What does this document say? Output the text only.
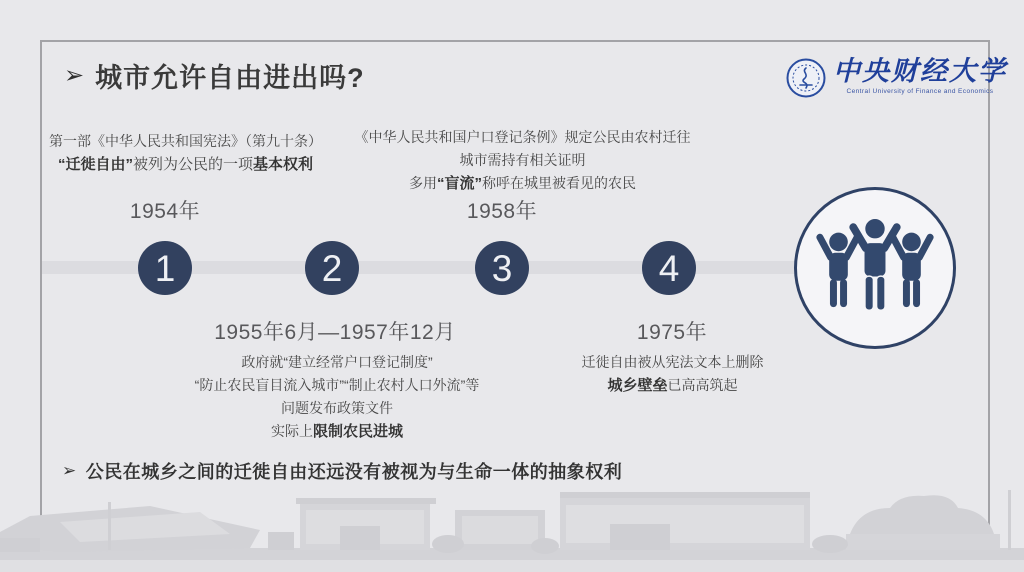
➢ 城市允许自由进出吗?	中央财经大学
Central University of Finance and Economics
1	2	3	4
1954年	1958年
1955年6月—1957年12月	1975年
第一部《中华人民共和国宪法》（第九十条）
“迁徙自由”被列为公民的一项基本权利
《中华人民共和国户口登记条例》规定公民由农村迁往
城市需持有相关证明
多用“盲流”称呼在城里被看见的农民
政府就“建立经常户口登记制度”
“防止农民盲目流入城市”“制止农村人口外流”等
问题发布政策文件
实际上限制农民进城
迁徙自由被从宪法文本上删除
城乡壁垒已高高筑起
➢ 公民在城乡之间的迁徙自由还远没有被视为与生命一体的抽象权利
